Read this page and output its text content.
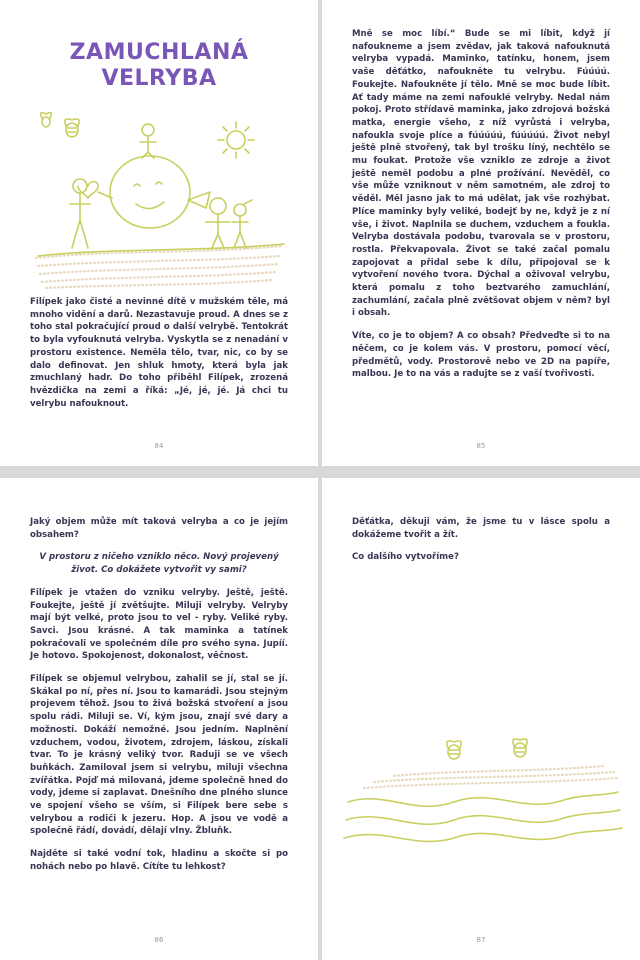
ZAMUCHLANÁ
VELRYBA

Filípek jako čisté a nevinné dítě v mužském těle, má mnoho vidění a darů. Nezastavuje proud. A dnes se z toho stal pokračující proud o další velrybě. Tentokrát to byla vyfouknutá velryba. Vyskytla se z nenadání v prostoru existence. Neměla tělo, tvar, nic, co by se dalo definovat. Jen shluk hmoty, která byla jak zmuchlaný hadr. Do toho přiběhl Filípek, zrozená hvězdička na zemi a říká: „Jé, jé, jé. Já chci tu velrybu nafouknout.

84

Mně se moc líbí.“ Bude se mi líbit, když jí nafoukneme a jsem zvědav, jak taková nafouknutá velryba vypadá. Maminko, tatínku, honem, jsem vaše děťátko, nafoukněte tu velrybu. Fúúúú. Foukejte. Nafoukněte jí tělo. Mně se moc bude líbit. Ať tady máme na zemi nafouklé velryby. Nedal nám pokoj. Proto střídavě maminka, jako zdrojová božská matka, energie všeho, z níž vyrůstá i velryba, nafoukla svoje plíce a fúúúúú, fúúúúú. Život nebyl ještě plně stvořený, tak byl trošku líný, nechtělo se mu foukat. Protože vše vzniklo ze zdroje a život ještě neměl podobu a plné prožívání. Nevěděl, co vše může vzniknout v něm samotném, ale zdroj to věděl. Měl jasno jak to má udělat, jak vše rozhýbat. Plíce maminky byly veliké, bodejť by ne, když je z ní vše, i život. Naplnila se duchem, vzduchem a foukla. Velryba dostávala podobu, tvarovala se v prostoru, rostla. Překvapovala. Život se také začal pomalu zapojovat a přidal sebe k dílu, připojoval se k vytvoření nového tvora. Dýchal a oživoval velrybu, která pomalu z toho beztvarého zamuchlání, zachumlání, začala plně zvětšovat objem v něm? byl i obsah.

Víte, co je to objem? A co obsah? Předveďte si to na něčem, co je kolem vás. V prostoru, pomocí věcí, předmětů, vody. Prostorově nebo ve 2D na papíře, malbou. Je to na vás a radujte se z vaší tvořivosti.

85

Jaký objem může mít taková velryba a co je jejím obsahem?

V prostoru z ničeho vzniklo něco. Nový projevený život. Co dokážete vytvořit vy sami?

Filípek je vtažen do vzniku velryby. Ještě, ještě. Foukejte, ještě jí zvětšujte. Miluji velryby. Velryby mají být velké, proto jsou to vel - ryby. Veliké ryby. Savci. Jsou krásné. A tak maminka a tatínek pokračovali ve společném díle pro svého syna. Jupíí. Je hotovo. Spokojenost, dokonalost, věčnost.

Filípek se objemul velrybou, zahalil se jí, stal se jí. Skákal po ní, přes ní. Jsou to kamarádi. Jsou stejným projevem těhož. Jsou to živá božská stvoření a jsou spolu rádi. Miluji se. Ví, kým jsou, znají své dary a možnosti. Dokáží nemožné. Jsou jedním. Naplnění vzduchem, vodou, životem, zdrojem, láskou, získali tvar. To je krásný veliký tvor. Raduji se ve všech buňkách. Zamiloval jsem si velrybu, miluji všechna zvířátka. Pojď má milovaná, jdeme společně hned do vody, jdeme si zaplavat. Dnešního dne plného slunce ve spojení všeho se vším, si Filípek bere sebe s velrybou a rodiči k jezeru. Hop. A jsou ve vodě a společně řádí, dovádí, dělají vlny. Žbluňk.

Najděte si také vodní tok, hladinu a skočte si po nohách nebo po hlavě. Cítíte tu lehkost?

86

Děťátka, děkuji vám, že jsme tu v lásce spolu a dokážeme tvořit a žít.

Co dalšího vytvoříme?

87
